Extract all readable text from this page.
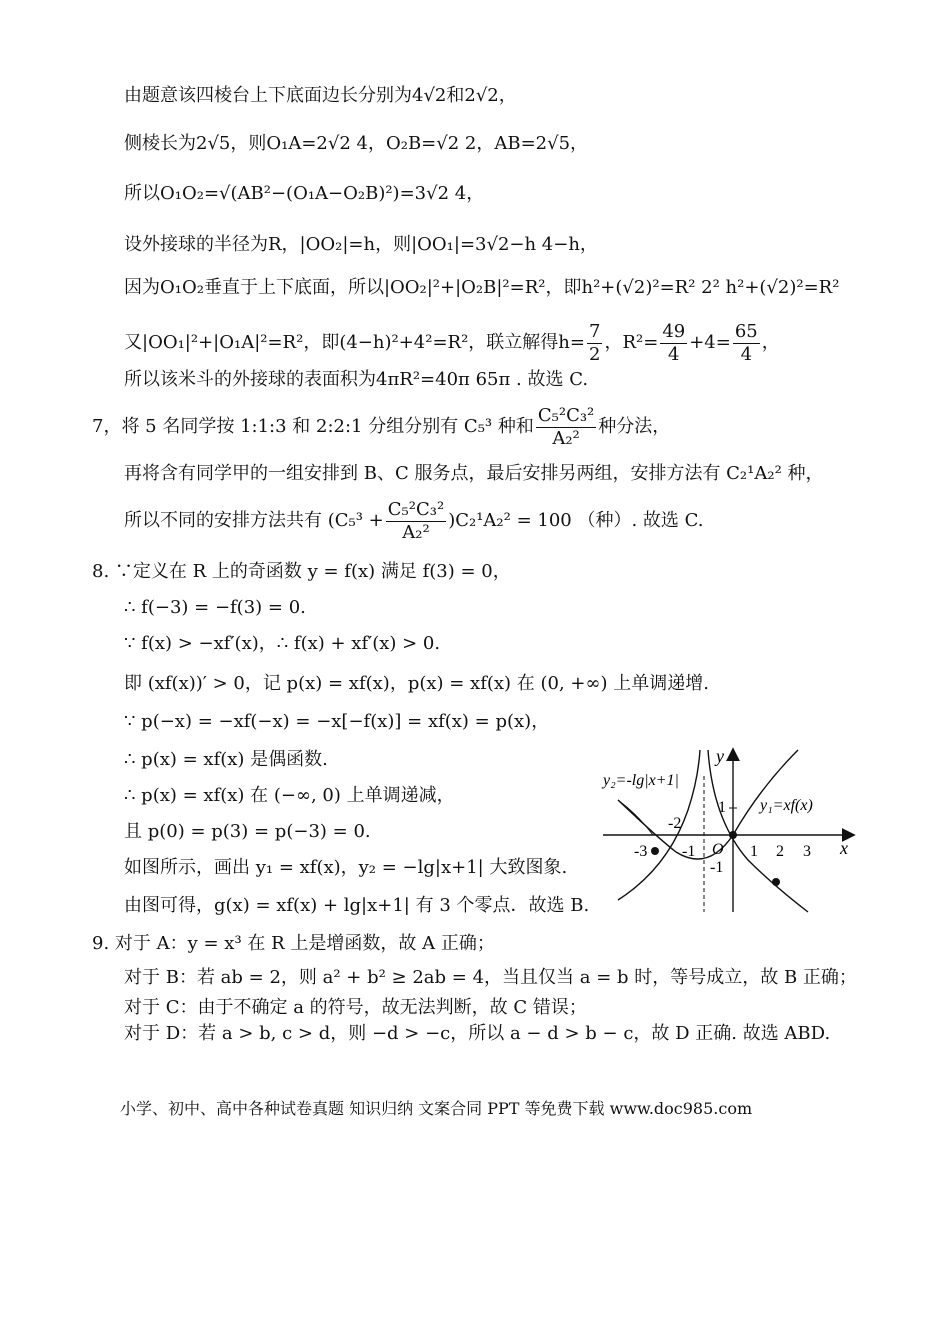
由题意该四棱台上下底面边长分别为4√2和2√2，
侧棱长为2√5，则O₁A=2√2 4，O₂B=√2 2，AB=2√5，
所以O₁O₂=√(AB²−(O₁A−O₂B)²)=3√2 4，
设外接球的半径为R，|OO₂|=h，则|OO₁|=3√2−h 4−h，
因为O₁O₂垂直于上下底面，所以|OO₂|²+|O₂B|²=R²，即h²+(√2)²=R² 2² h²+(√2)²=R²
又|OO₁|²+|O₁A|²=R²，即(4−h)²+4²=R²，联立解得$h= \frac{7}{2}$ ，$R^2= \frac{49}{4} +4= \frac{65}{4}$ ，
所以该米斗的外接球的表面积为4πR²=40π 65π . 故选 C.
7，将 5 名同学按 1:1:3 和 2:2:1 分组分别有 C₅³ 种和 $\frac{\text{C₅²C₃²}}{\text{A₂²}}$ 种分法，
再将含有同学甲的一组安排到 B、C 服务点，最后安排另两组，安排方法有 C₂¹A₂² 种，
所以不同的安排方法共有 $(C_5^3 + \frac{\text{C₅²C₃²}}{\text{A₂²}} )C_2^1A_2^2 = 100$ （种）. 故选 C.
8. ∵定义在 R 上的奇函数 y = f(x) 满足 f(3) = 0，
∴ f(−3) = −f(3) = 0.
∵ f(x) > −xf′(x)，∴ f(x) + xf′(x) > 0.
即 (xf(x))′ > 0，记 p(x) = xf(x)，p(x) = xf(x) 在 (0, +∞) 上单调递增.
∵ p(−x) = −xf(−x) = −x[−f(x)] = xf(x) = p(x)，
∴ p(x) = xf(x) 是偶函数.
∴ p(x) = xf(x) 在 (−∞, 0) 上单调递减，
且 p(0) = p(3) = p(−3) = 0.
如图所示，画出 y₁ = xf(x)，y₂ = −lg|x+1| 大致图象.
由图可得，g(x) = xf(x) + lg|x+1| 有 3 个零点．故选 B.
y
x
y₂=-lg|x+1|
y₁=xf(x)
-3 -1 O 1 2 3
-2
1
-1
9. 对于 A：y = x³ 在 R 上是增函数，故 A 正确；
对于 B：若 ab = 2，则 a² + b² ≥ 2ab = 4，当且仅当 a = b 时，等号成立，故 B 正确；
对于 C：由于不确定 a 的符号，故无法判断，故 C 错误；
对于 D：若 a > b, c > d，则 −d > −c，所以 a − d > b − c，故 D 正确. 故选 ABD.
小学、初中、高中各种试卷真题 知识归纳 文案合同 PPT 等免费下载 www.doc985.com
